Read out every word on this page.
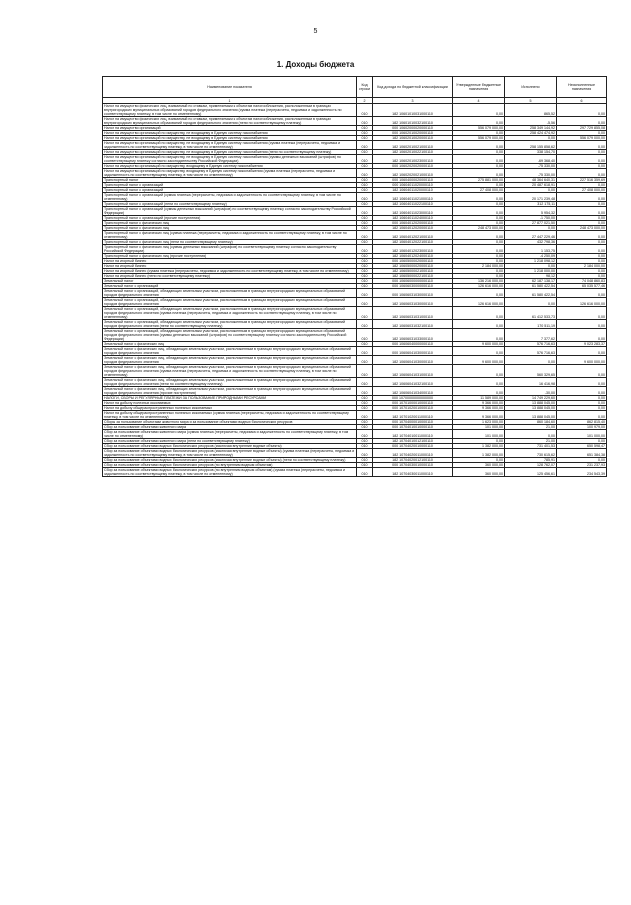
5
1. Доходы бюджета
Наименование показателя	Код строки	Код дохода по бюджетной классификации	Утвержденные бюджетные назначения	Исполнено	Неисполненные назначения
1	2	3	4	5	6
Налог на имущество физических лиц, взимаемый по ставкам, применяемым к объектам налогообложения, расположенным в границах внутригородских муниципальных образований городов федерального значения (сумма платежа (перерасчеты, недоимка и задолженность по соответствующему платежу, в том числе по отмененному)	010	182 10601010031000110	0,00	865,52	0,00
Налог на имущество физических лиц, взимаемый по ставкам, применяемым к объектам налогообложения, расположенным в границах внутригородских муниципальных образований городов федерального значения (пени по соответствующему платежу)	010	182 10601010032100110	0,00	-5,56	0,00
Налог на имущество организаций	010	000 10602000020000110	556 079 000,00	258 349 144,92	297 729 855,08
Налог на имущество организаций по имуществу, не входящему в Единую систему газоснабжения	010	000 10602010020000110	0,00	258 424 474,92	0,00
Налог на имущество организаций по имуществу, не входящему в Единую систему газоснабжения	010	182 10602010020000110	556 079 000,00	0,00	556 079 000,00
Налог на имущество организаций по имуществу, не входящему в Единую систему газоснабжения (сумма платежа (перерасчеты, недоимка и задолженность по соответствующему платежу, в том числе по отмененному)	010	182 10602010021000110	0,00	258 155 858,62	0,00
Налог на имущество организаций по имуществу, не входящему в Единую систему газоснабжения (пени по соответствующему платежу)	010	182 10602010022100110	0,00	338 154,70	0,00
Налог на имущество организаций по имуществу, не входящему в Единую систему газоснабжения (суммы денежных взысканий (штрафов) по соответствующему платежу согласно законодательству Российской Федерации)	010	182 10602010023000110	0,00	-69 368,40	0,00
Налог на имущество организаций по имуществу, входящему в Единую систему газоснабжения	010	000 10602020020000110	0,00	-75 330,00	0,00
Налог на имущество организаций по имуществу, входящему в Единую систему газоснабжения (сумма платежа (перерасчеты, недоимка и задолженность по соответствующему платежу, в том числе по отмененному)	010	182 10602020021000110	0,00	-75 330,00	0,00
Транспортный налог	010	000 10604000020000110	275 881 000,00	48 364 640,31	227 516 359,69
Транспортный налог с организаций	010	000 10604011020000110	0,00	20 487 618,91	0,00
Транспортный налог с организаций	010	182 10604011020000110	27 408 000,00	0,00	27 408 000,00
Транспортный налог с организаций (сумма платежа (перерасчеты, недоимка и задолженность по соответствующему платежу, в том числе по отмененному)	010	182 10604011021000110	0,00	20 171 239,48	0,00
Транспортный налог с организаций (пени по соответствующему платежу)	010	182 10604011022100110	0,00	312 175,11	0,00
Транспортный налог с организаций (суммы денежных взысканий (штрафов) по соответствующему платежу согласно законодательству Российской Федерации)	010	182 10604011023000110	0,00	5 954,32	0,00
Транспортный налог с организаций (прочие поступления)	010	182 10604011024000110	0,00	-1 750,00	0,00
Транспортный налог с физических лиц	010	000 10604012020000110	0,00	27 877 021,50	0,00
Транспортный налог с физических лиц	010	182 10604012020000110	248 473 000,00	0,00	248 473 000,00
Транспортный налог с физических лиц (сумма платежа (перерасчеты, недоимка и задолженность по соответствующему платежу, в том числе по отмененному)	010	182 10604012021000110	0,00	27 447 229,46	0,00
Транспортный налог с физических лиц (пени по соответствующему платежу)	010	182 10604012022100110	0,00	432 798,36	0,00
Транспортный налог с физических лиц (суммы денежных взысканий (штрафов) по соответствующему платежу согласно законодательству Российской Федерации)	010	182 10604012023000110	0,00	1 153,75	0,00
Транспортный налог с физических лиц (прочие поступления)	010	182 10604012024000110	0,00	-4 250,09	0,00
Налог на игорный бизнес	010	000 10605000020000110	0,00	1 218 098,12	0,00
Налог на игорный бизнес	010	182 10605000020000110	2 184 000,00	0,00	2 184 000,00
Налог на игорный бизнес (сумма платежа (перерасчеты, недоимка и задолженность по соответствующему платежу, в том числе по отмененному)	010	182 10605000021000110	0,00	1 218 000,00	0,00
Налог на игорный бизнес (пени по соответствующему платежу)	010	182 10605000022100110	0,00	98,12	0,00
Земельный налог	010	000 10606000000000110	136 216 000,00	62 187 138,17	74 048 860,83
Земельный налог с организаций	010	000 10606030000000110	126 616 000,00	61 580 422,54	65 035 577,46
Земельный налог с организаций, обладающих земельным участком, расположенным в границах внутригородских муниципальных образований городов федерального значения	010	000 10606031030000110	0,00	61 580 422,54	0,00
Земельный налог с организаций, обладающих земельным участком, расположенным в границах внутригородских муниципальных образований городов федерального значения	010	182 10606031030000110	126 616 000,00	0,00	126 616 000,00
Земельный налог с организаций, обладающих земельным участком, расположенным в границах внутригородских муниципальных образований городов федерального значения (сумма платежа (перерасчеты, недоимка и задолженность по соответствующему платежу, в том числе по отмененному)	010	182 10606031031000110	0,00	61 412 533,73	0,00
Земельный налог с организаций, обладающих земельным участком, расположенным в границах внутригородских муниципальных образований городов федерального значения (пени по соответствующему платежу)	010	182 10606031032100110	0,00	170 511,19	0,00
Земельный налог с организаций, обладающих земельным участком, расположенным в границах внутригородских муниципальных образований городов федерального значения (суммы денежных взысканий (штрафов) по соответствующему платежу согласно законодательству Российской Федерации)	010	182 10606031033000110	0,00	7 377,62	0,00
Земельный налог с физических лиц	010	000 10606040000000110	9 600 000,00	576 716,63	9 023 283,37
Земельный налог с физических лиц, обладающих земельным участком, расположенным в границах внутригородских муниципальных образований городов федерального значения	010	000 10606041030000110	0,00	576 716,63	0,00
Земельный налог с физических лиц, обладающих земельным участком, расположенным в границах внутригородских муниципальных образований городов федерального значения	010	182 10606041030000110	9 600 000,00	0,00	9 600 000,00
Земельный налог с физических лиц, обладающих земельным участком, расположенным в границах внутригородских муниципальных образований городов федерального значения (сумма платежа (перерасчеты, недоимка и задолженность по соответствующему платежу, в том числе по отмененному)	010	182 10606041031000110	0,00	560 329,65	0,00
Земельный налог с физических лиц, обладающих земельным участком, расположенным в границах внутригородских муниципальных образований городов федерального значения (пени по соответствующему платежу)	010	182 10606041032100110	0,00	16 416,98	0,00
Земельный налог с физических лиц, обладающих земельным участком, расположенным в границах внутригородских муниципальных образований городов федерального значения (прочие поступления)	010	182 10606041034000110	0,00	-30,00	0,00
НАЛОГИ, СБОРЫ И РЕГУЛЯРНЫЕ ПЛАТЕЖИ ЗА ПОЛЬЗОВАНИЕ ПРИРОДНЫМИ РЕСУРСАМИ	010	000 10700000000000000	11 589 000,00	14 749 229,60	0,00
Налог на добычу полезных ископаемых	010	000 10701000010000110	9 366 000,00	13 888 045,00	0,00
Налог на добычу общераспространенных полезных ископаемых	010	000 10701020010000110	9 366 000,00	13 888 045,00	0,00
Налог на добычу общераспространенных полезных ископаемых (сумма платежа (перерасчеты, недоимка и задолженность по соответствующему платежу, в том числе по отмененному)	010	182 10701020011000110	9 366 000,00	13 888 045,00	0,00
Сборы за пользование объектами животного мира и за пользование объектами водных биологических ресурсов	010	000 10704000010000110	1 623 000,00	860 184,60	862 815,40
Сбор за пользование объектами животного мира	010	000 10704010010000110	101 000,00	21,00	100 979,00
Сбор за пользование объектами животного мира (сумма платежа (перерасчеты, недоимка и задолженность по соответствующему платежу, в том числе по отмененному)	010	182 10704010011000110	101 000,00	0,00	101 000,00
Сбор за пользование объектами животного мира (пени по соответствующему платежу)	010	182 10704010012100110	0,00	21,00	0,00
Сбор за пользование объектами водных биологических ресурсов (исключая внутренние водные объекты)	010	000 10704020010000110	1 382 000,00	731 401,53	650 598,47
Сбор за пользование объектами водных биологических ресурсов (исключая внутренние водные объекты) (сумма платежа (перерасчеты, недоимка и задолженность по соответствующему платежу, в том числе по отмененному)	010	182 10704020011000110	1 382 000,00	730 615,62	651 384,38
Сбор за пользование объектами водных биологических ресурсов (исключая внутренние водные объекты) (пени по соответствующему платежу)	010	182 10704020012100110	0,00	785,91	0,00
Сбор за пользование объектами водных биологических ресурсов (по внутренним водным объектам)	010	000 10704030010000110	360 000,00	128 762,07	231 237,93
Сбор за пользование объектами водных биологических ресурсов (по внутренним водным объектам) (сумма платежа (перерасчеты, недоимка и задолженность по соответствующему платежу, в том числе по отмененному)	010	182 10704030011000110	360 000,00	125 456,61	234 543,39
